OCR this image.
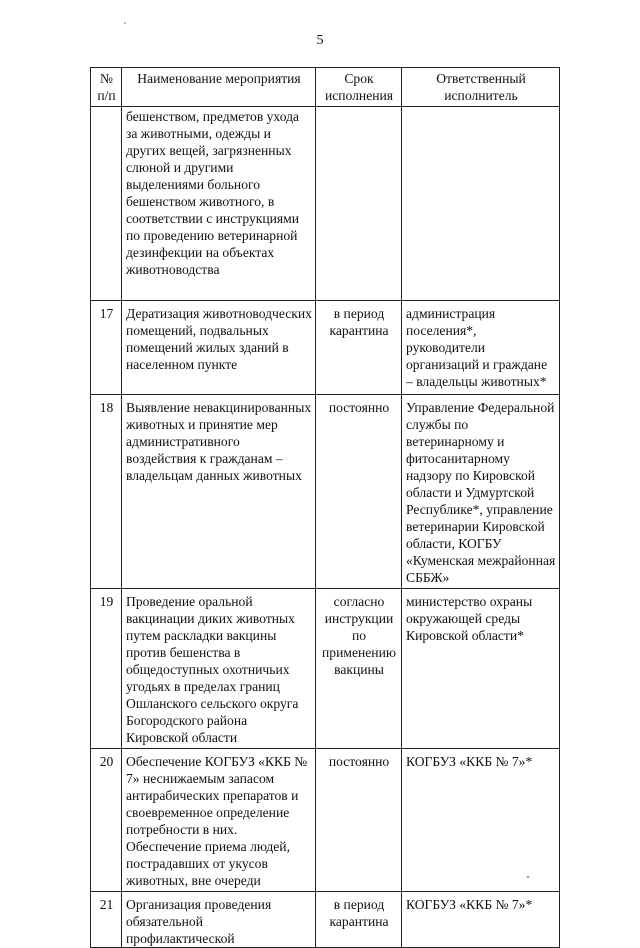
5
№ п/п	Наименование мероприятия	Срок исполнения	Ответственный исполнитель
	бешенством, предметов ухода за животными, одежды и других вещей, загрязненных слюной и другими выделениями больного бешенством животного, в соответствии с инструкциями по проведению ветеринарной дезинфекции на объектах животноводства		
17	Дератизация животноводческих помещений, подвальных помещений жилых зданий в населенном пункте	в период карантина	администрация поселения*, руководители организаций и граждане – владельцы животных*
18	Выявление невакцинированных животных и принятие мер административного воздействия к гражданам – владельцам данных животных	постоянно	Управление Федеральной службы по ветеринарному и фитосанитарному надзору по Кировской области и Удмуртской Республике*, управление ветеринарии Кировской области, КОГБУ «Куменская межрайонная СББЖ»
19	Проведение оральной вакцинации диких животных путем раскладки вакцины против бешенства в общедоступных охотничьих угодьях в пределах границ Ошланского сельского округа Богородского района Кировской области	согласно инструкции по применению вакцины	министерство охраны окружающей среды Кировской области*
20	Обеспечение КОГБУЗ «ККБ № 7» неснижаемым запасом антирабических препаратов и своевременное определение потребности в них. Обеспечение приема людей, пострадавших от укусов животных, вне очереди	постоянно	КОГБУЗ «ККБ № 7»*
21	Организация проведения обязательной профилактической	в период карантина	КОГБУЗ «ККБ № 7»*
